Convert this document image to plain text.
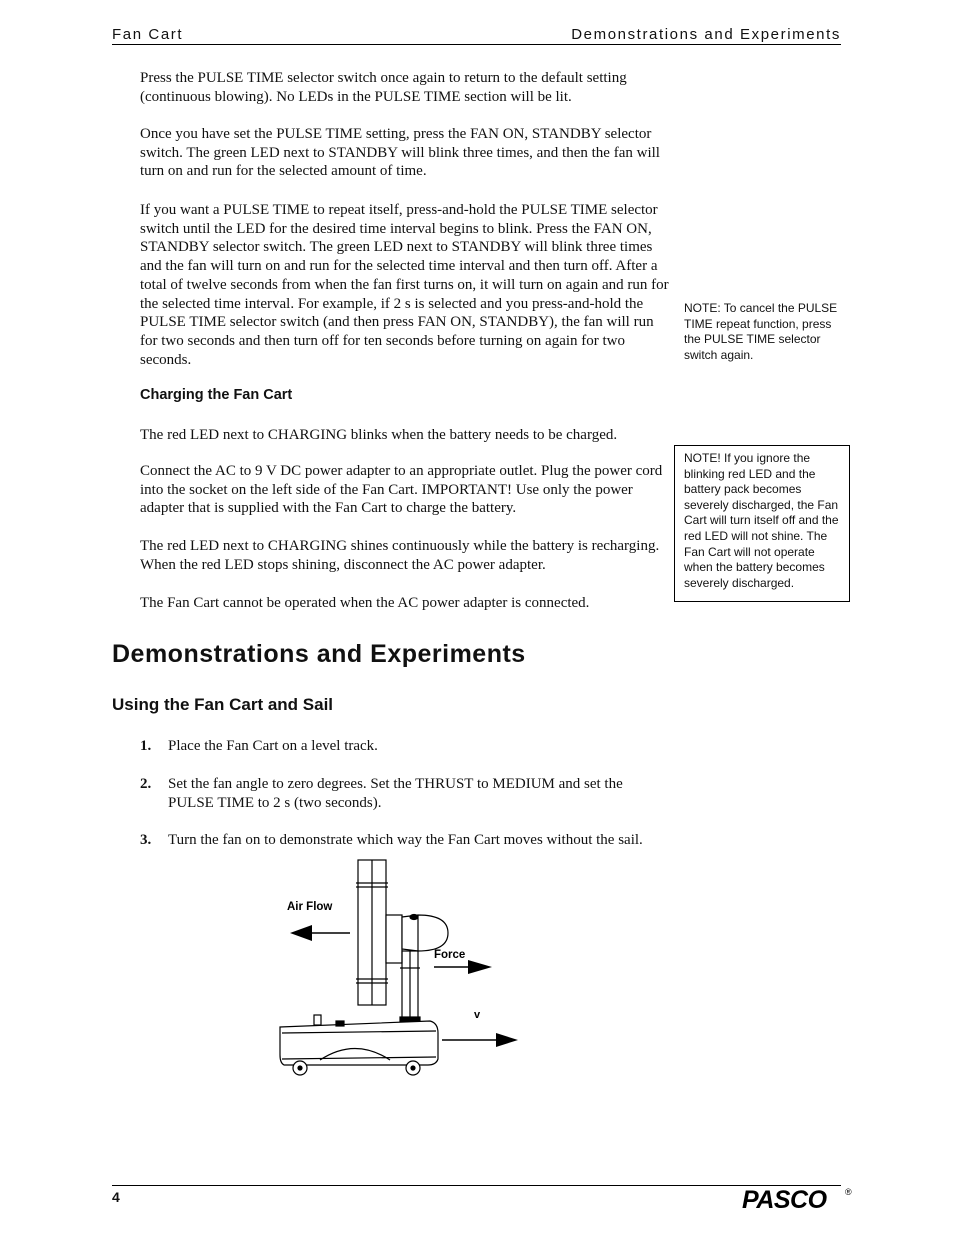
Fan Cart	Demonstrations and Experiments

Press the PULSE TIME selector switch once again to return to the default setting (continuous blowing). No LEDs in the PULSE TIME section will be lit.

Once you have set the PULSE TIME setting, press the FAN ON, STANDBY selector switch. The green LED next to STANDBY will blink three times, and then the fan will turn on and run for the selected amount of time.

If you want a PULSE TIME to repeat itself, press-and-hold the PULSE TIME selector switch until the LED for the desired time interval begins to blink. Press the FAN ON, STANDBY selector switch. The green LED next to STANDBY will blink three times and the fan will turn on and run for the selected time interval and then turn off. After a total of twelve seconds from when the fan first turns on, it will turn on again and run for the selected time interval. For example, if 2 s is selected and you press-and-hold the PULSE TIME selector switch (and then press FAN ON, STANDBY), the fan will run for two seconds and then turn off for ten seconds before turning on again for two seconds.

NOTE: To cancel the PULSE TIME repeat function, press the PULSE TIME selector switch again.
Charging the Fan Cart

The red LED next to CHARGING blinks when the battery needs to be charged.

Connect the AC to 9 V DC power adapter to an appropriate outlet. Plug the power cord into the socket on the left side of the Fan Cart. IMPORTANT! Use only the power adapter that is supplied with the Fan Cart to charge the battery.

The red LED next to CHARGING shines continuously while the battery is recharging. When the red LED stops shining, disconnect the AC power adapter.

The Fan Cart cannot be operated when the AC power adapter is connected.

NOTE! If you ignore the blinking red LED and the battery pack becomes severely discharged, the Fan Cart will turn itself off and the red LED will not shine. The Fan Cart will not operate when the battery becomes severely discharged.
Demonstrations and Experiments
Using the Fan Cart and Sail
1. Place the Fan Cart on a level track.
2. Set the fan angle to zero degrees. Set the THRUST to MEDIUM and set the PULSE TIME to 2 s (two seconds).
3. Turn the fan on to demonstrate which way the Fan Cart moves without the sail.
Air Flow
Force
v
4	PASCO ®
